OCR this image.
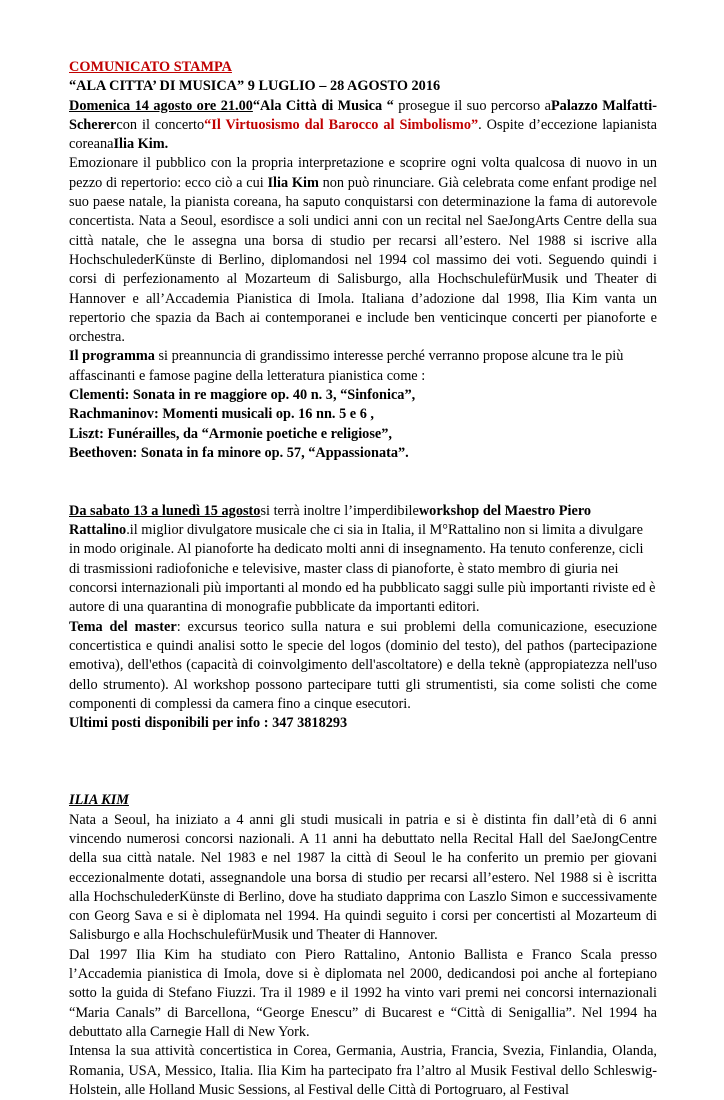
COMUNICATO STAMPA

“ALA CITTA’ DI MUSICA” 9 LUGLIO – 28 AGOSTO 2016

Domenica 14 agosto ore 21.00“Ala Città di Musica “ prosegue il suo percorso aPalazzo Malfatti-Scherercon il concerto“Il Virtuosismo dal Barocco al Simbolismo”. Ospite d’eccezione lapianista coreanaIlia Kim.

Emozionare il pubblico con la propria interpretazione e scoprire ogni volta qualcosa di nuovo in un pezzo di repertorio: ecco ciò a cui Ilia Kim non può rinunciare. Già celebrata come enfant prodige nel suo paese natale, la pianista coreana, ha saputo conquistarsi con determinazione la fama di autorevole concertista. Nata a Seoul, esordisce a soli undici anni con un recital nel SaeJongArts Centre della sua città natale, che le assegna una borsa di studio per recarsi all’estero. Nel 1988 si iscrive alla HochschulederKünste di Berlino, diplomandosi nel 1994 col massimo dei voti. Seguendo quindi i corsi di perfezionamento al Mozarteum di Salisburgo, alla HochschulefürMusik und Theater di Hannover e all’Accademia Pianistica di Imola. Italiana d’adozione dal 1998, Ilia Kim vanta un repertorio che spazia da Bach ai contemporanei e include ben venticinque concerti per pianoforte e orchestra.

Il programma si preannuncia di grandissimo interesse perché verranno propose alcune tra le più affascinanti e famose pagine della letteratura pianistica come :

Clementi: Sonata in re maggiore op. 40 n. 3, “Sinfonica”,

Rachmaninov: Momenti musicali op. 16 nn. 5 e 6 ,

Liszt: Funérailles, da “Armonie poetiche e religiose”,

Beethoven: Sonata in fa minore op. 57, “Appassionata”.

Da sabato 13 a lunedì 15 agostosi terrà inoltre l’imperdibileworkshop del Maestro Piero Rattalino.il miglior divulgatore musicale che ci sia in Italia, il M°Rattalino non si limita a divulgare in modo originale. Al pianoforte ha dedicato molti anni di insegnamento. Ha tenuto conferenze, cicli di trasmissioni radiofoniche e televisive, master class di pianoforte, è stato membro di giuria nei concorsi internazionali più importanti al mondo ed ha pubblicato saggi sulle più importanti riviste ed è autore di una quarantina di monografie pubblicate da importanti editori.

Tema del master: excursus teorico sulla natura e sui problemi della comunicazione, esecuzione concertistica e quindi analisi sotto le specie del logos (dominio del testo), del pathos (partecipazione emotiva), dell'ethos (capacità di coinvolgimento dell'ascoltatore) e della teknè (appropiatezza nell'uso dello strumento). Al workshop possono partecipare tutti gli strumentisti, sia come solisti che come componenti di complessi da camera fino a cinque esecutori.

Ultimi posti disponibili per info : 347 3818293

ILIA KIM

Nata a Seoul, ha iniziato a 4 anni gli studi musicali in patria e si è distinta fin dall’età di 6 anni vincendo numerosi concorsi nazionali. A 11 anni ha debuttato nella Recital Hall del SaeJongCentre della sua città natale. Nel 1983 e nel 1987 la città di Seoul le ha conferito un premio per giovani eccezionalmente dotati, assegnandole una borsa di studio per recarsi all’estero. Nel 1988 si è iscritta alla HochschulederKünste di Berlino, dove ha studiato dapprima con Laszlo Simon e successivamente con Georg Sava e si è diplomata nel 1994. Ha quindi seguito i corsi per concertisti al Mozarteum di Salisburgo e alla HochschulefürMusik und Theater di Hannover.

Dal 1997 Ilia Kim ha studiato con Piero Rattalino, Antonio Ballista e Franco Scala presso l’Accademia pianistica di Imola, dove si è diplomata nel 2000, dedicandosi poi anche al fortepiano sotto la guida di Stefano Fiuzzi. Tra il 1989 e il 1992 ha vinto vari premi nei concorsi internazionali “Maria Canals” di Barcellona, “George Enescu” di Bucarest e “Città di Senigallia”. Nel 1994 ha debuttato alla Carnegie Hall di New York.

Intensa la sua attività concertistica in Corea, Germania, Austria, Francia, Svezia, Finlandia, Olanda, Romania, USA, Messico, Italia. Ilia Kim ha partecipato fra l’altro al Musik Festival dello Schleswig-Holstein, alle Holland Music Sessions, al Festival delle Città di Portogruaro, al Festival
